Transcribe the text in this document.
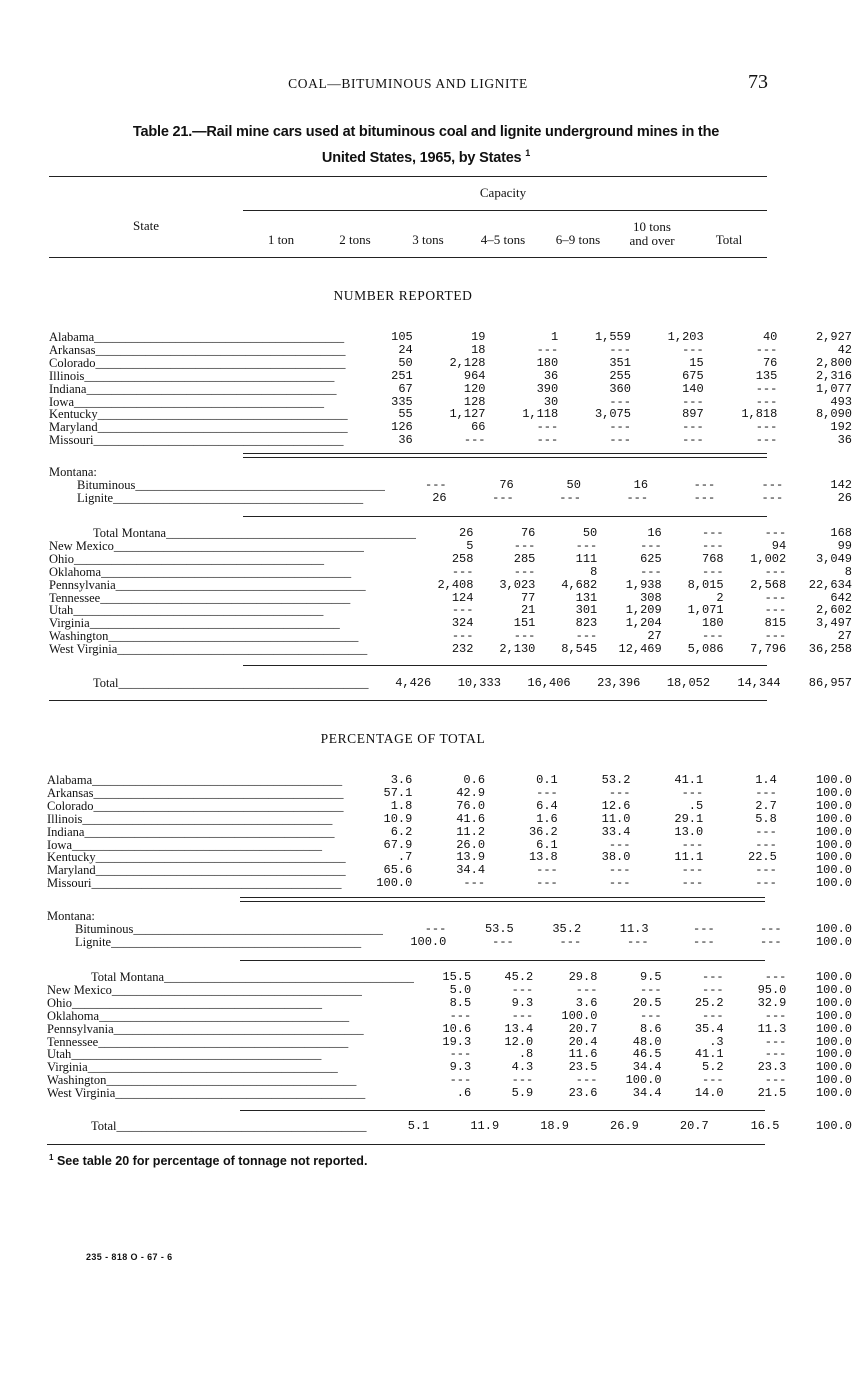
COAL—BITUMINOUS AND LIGNITE	73
Table 21.—Rail mine cars used at bituminous coal and lignite underground mines in the
United States, 1965, by States $^1$
State
Capacity
1 ton	2 tons	3 tons	4–5 tons	6–9 tons
10 tons
and over	Total
NUMBER REPORTED
Alabama________________________________________	105	19	1	1,559	1,203	40	2,927
Arkansas________________________________________	24	18	---	---	---	---	42
Colorado________________________________________	50	2,128	180	351	15	76	2,800
Illinois________________________________________	251	964	36	255	675	135	2,316
Indiana________________________________________	67	120	390	360	140	---	1,077
Iowa________________________________________	335	128	30	---	---	---	493
Kentucky________________________________________	55	1,127	1,118	3,075	897	1,818	8,090
Maryland________________________________________	126	66	---	---	---	---	192
Missouri________________________________________	36	---	---	---	---	---	36
Montana:							
Bituminous________________________________________	---	76	50	16	---	---	142
Lignite________________________________________	26	---	---	---	---	---	26
Total Montana________________________________________	26	76	50	16	---	---	168
New Mexico________________________________________	5	---	---	---	---	94	99
Ohio________________________________________	258	285	111	625	768	1,002	3,049
Oklahoma________________________________________	---	---	8	---	---	---	8
Pennsylvania________________________________________	2,408	3,023	4,682	1,938	8,015	2,568	22,634
Tennessee________________________________________	124	77	131	308	2	---	642
Utah________________________________________	---	21	301	1,209	1,071	---	2,602
Virginia________________________________________	324	151	823	1,204	180	815	3,497
Washington________________________________________	---	---	---	27	---	---	27
West Virginia________________________________________	232	2,130	8,545	12,469	5,086	7,796	36,258
Total________________________________________	4,426	10,333	16,406	23,396	18,052	14,344	86,957
PERCENTAGE OF TOTAL
Alabama________________________________________	3.6	0.6	0.1	53.2	41.1	1.4	100.0
Arkansas________________________________________	57.1	42.9	---	---	---	---	100.0
Colorado________________________________________	1.8	76.0	6.4	12.6	.5	2.7	100.0
Illinois________________________________________	10.9	41.6	1.6	11.0	29.1	5.8	100.0
Indiana________________________________________	6.2	11.2	36.2	33.4	13.0	---	100.0
Iowa________________________________________	67.9	26.0	6.1	---	---	---	100.0
Kentucky________________________________________	.7	13.9	13.8	38.0	11.1	22.5	100.0
Maryland________________________________________	65.6	34.4	---	---	---	---	100.0
Missouri________________________________________	100.0	---	---	---	---	---	100.0
Montana:							
Bituminous________________________________________	---	53.5	35.2	11.3	---	---	100.0
Lignite________________________________________	100.0	---	---	---	---	---	100.0
Total Montana________________________________________	15.5	45.2	29.8	9.5	---	---	100.0
New Mexico________________________________________	5.0	---	---	---	---	95.0	100.0
Ohio________________________________________	8.5	9.3	3.6	20.5	25.2	32.9	100.0
Oklahoma________________________________________	---	---	100.0	---	---	---	100.0
Pennsylvania________________________________________	10.6	13.4	20.7	8.6	35.4	11.3	100.0
Tennessee________________________________________	19.3	12.0	20.4	48.0	.3	---	100.0
Utah________________________________________	---	.8	11.6	46.5	41.1	---	100.0
Virginia________________________________________	9.3	4.3	23.5	34.4	5.2	23.3	100.0
Washington________________________________________	---	---	---	100.0	---	---	100.0
West Virginia________________________________________	.6	5.9	23.6	34.4	14.0	21.5	100.0
Total________________________________________	5.1	11.9	18.9	26.9	20.7	16.5	100.0
$^1$ See table 20 for percentage of tonnage not reported.
235 - 818 O - 67 - 6
